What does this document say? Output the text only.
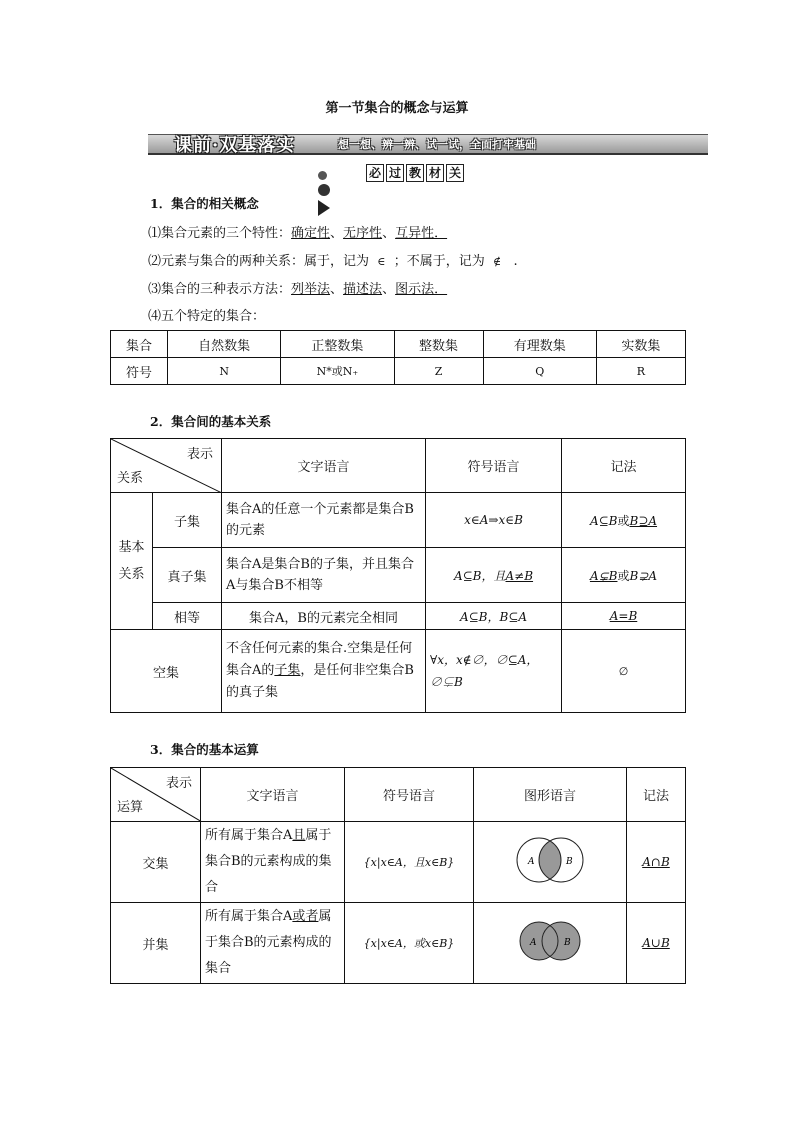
第一节集合的概念与运算
课前·双基落实	想一想、辨一辨、试一试，全面打牢基础
必 过 教 材 关
1．集合的相关概念
⑴集合元素的三个特性：确定性、无序性、互异性．
⑵元素与集合的两种关系：属于，记为 ∈ ；不属于，记为 ∉ .
⑶集合的三种表示方法：列举法、描述法、图示法．
⑷五个特定的集合：
集合	自然数集	正整数集	整数集	有理数集	实数集
符号	N	N*或N₊	Z	Q	R
2．集合间的基本关系
表示
关系		文字语言	符号语言	记法
基本关系	子集	集合A的任意一个元素都是集合B的元素	x∈A⇒x∈B	A⊆B或B⊇A
	真子集	集合A是集合B的子集，并且集合A与集合B不相等	A⊆B，且A≠B	A⊊B或B⊋A
	相等	集合A，B的元素完全相同	A⊆B，B⊆A	A=B
空集		不含任何元素的集合.空集是任何集合A的子集，是任何非空集合B的真子集	∀x，x∉∅，∅⊆A，∅⊊B	∅
3．集合的基本运算
表示
运算	文字语言	符号语言	图形语言	记法
交集	所有属于集合A且属于集合B的元素构成的集合	{x|x∈A，且x∈B}	A B	A∩B
并集	所有属于集合A或者属于集合B的元素构成的集合	{x|x∈A，或x∈B}	A B	A∪B
